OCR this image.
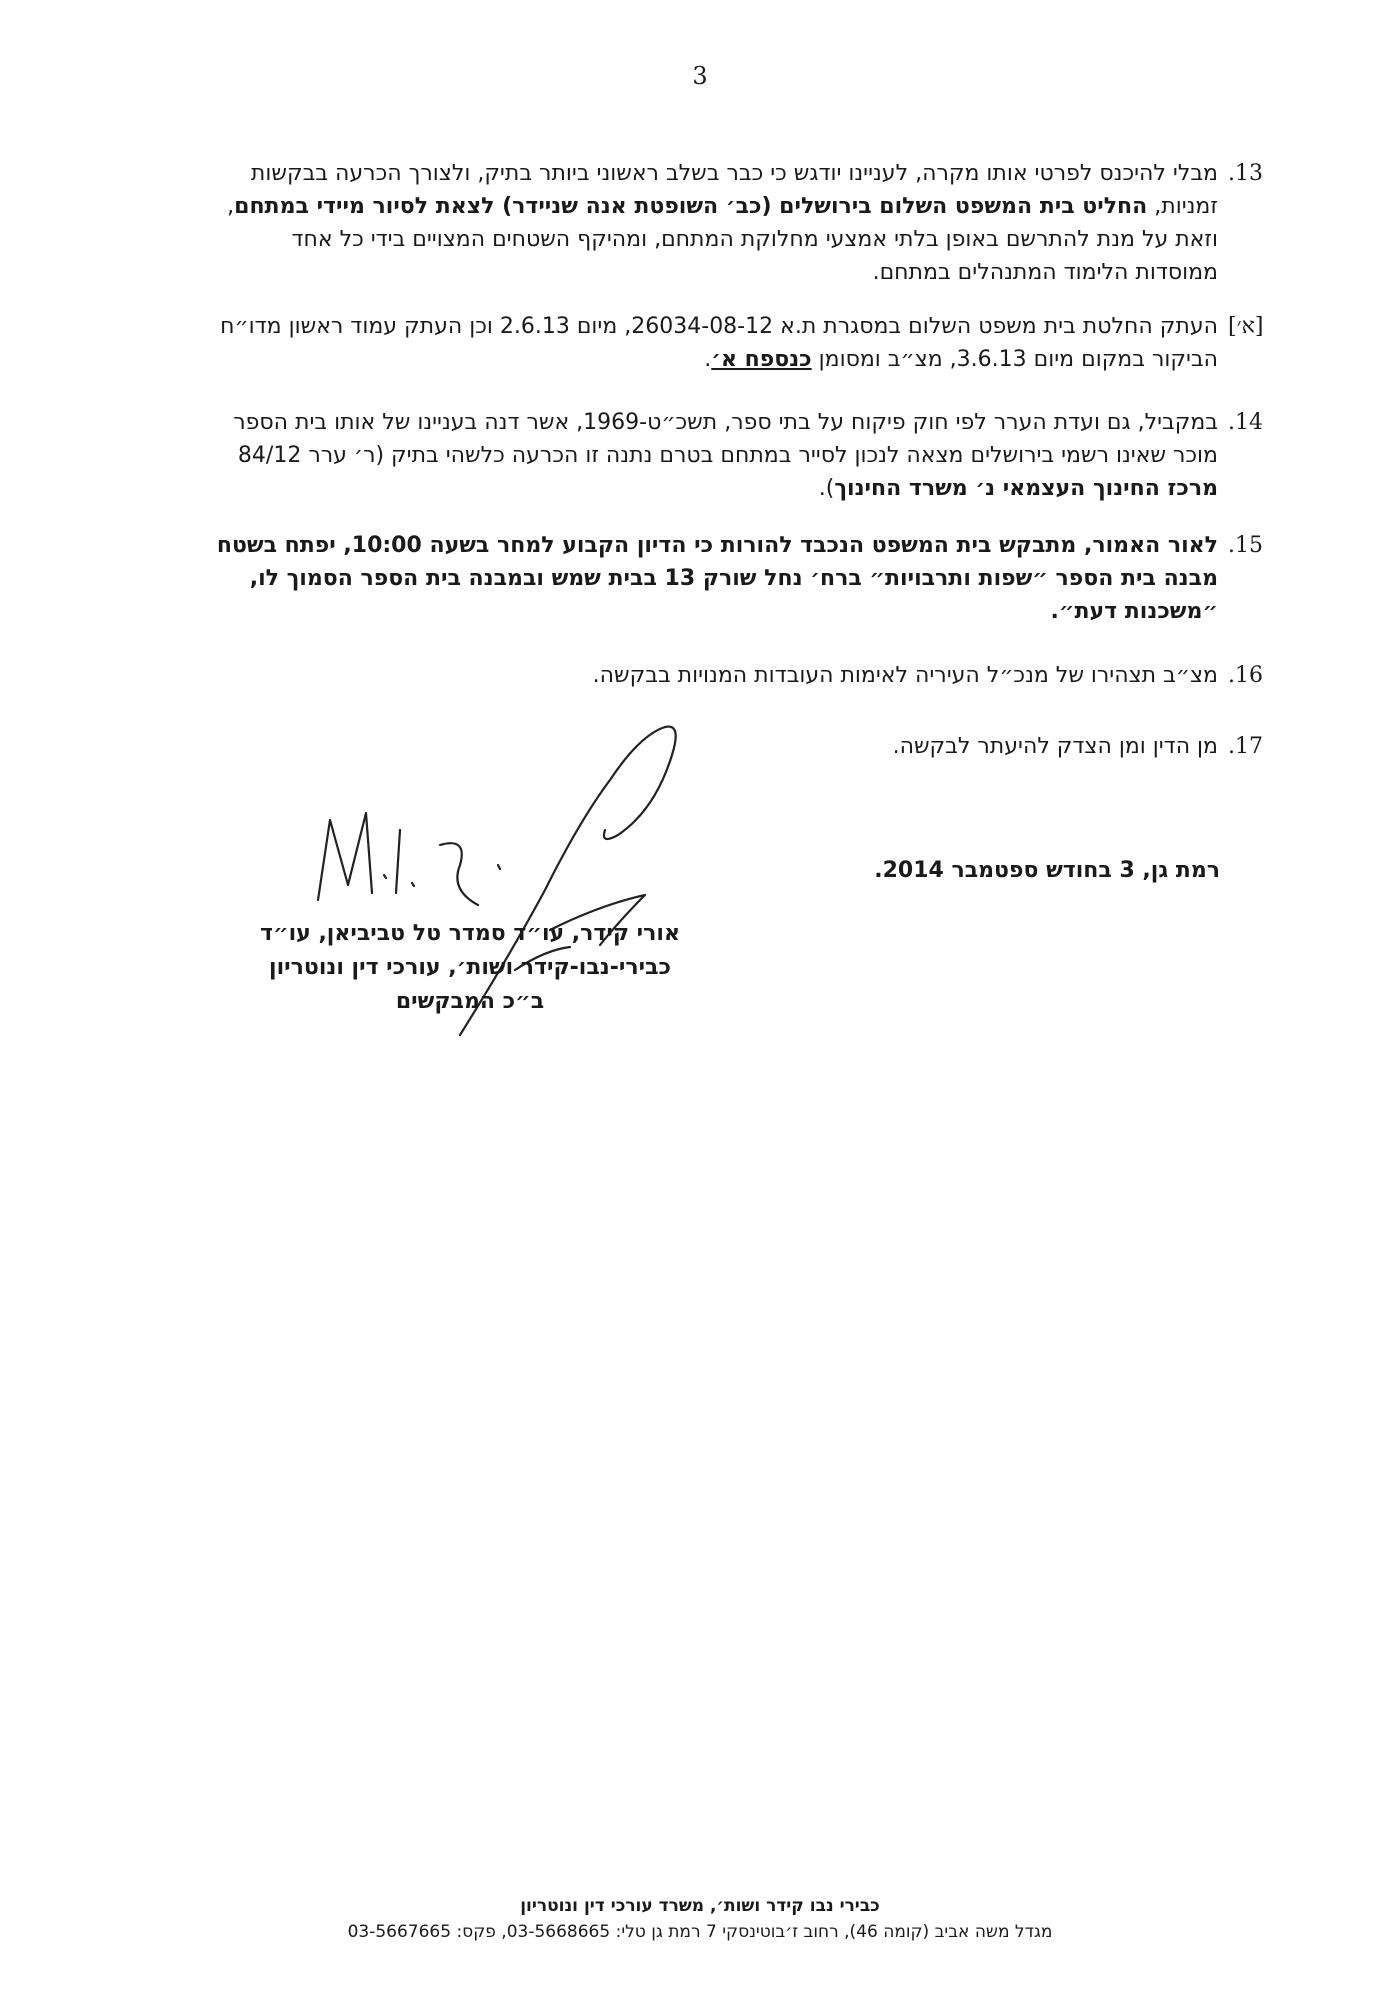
3
.13
מבלי להיכנס לפרטי אותו מקרה, לעניינו יודגש כי כבר בשלב ראשוני ביותר בתיק, ולצורך הכרעה בבקשות זמניות, החליט בית המשפט השלום בירושלים (כב׳ השופטת אנה שניידר) לצאת לסיור מיידי במתחם, וזאת על מנת להתרשם באופן בלתי אמצעי מחלוקת המתחם, ומהיקף השטחים המצויים בידי כל אחד ממוסדות הלימוד המתנהלים במתחם.
[א׳]
העתק החלטת בית משפט השלום במסגרת ת.א 26034-08-12, מיום 2.6.13 וכן העתק עמוד ראשון מדו״ח הביקור במקום מיום 3.6.13, מצ״ב ומסומן כנספח א׳.
.14
במקביל, גם ועדת הערר לפי חוק פיקוח על בתי ספר, תשכ״ט-1969, אשר דנה בעניינו של אותו בית הספר מוכר שאינו רשמי בירושלים מצאה לנכון לסייר במתחם בטרם נתנה זו הכרעה כלשהי בתיק (ר׳ ערר 84/12 מרכז החינוך העצמאי נ׳ משרד החינוך).
.15
לאור האמור, מתבקש בית המשפט הנכבד להורות כי הדיון הקבוע למחר בשעה 10:00, יפתח בשטח מבנה בית הספר ״שפות ותרבויות״ ברח׳ נחל שורק 13 בבית שמש ובמבנה בית הספר הסמוך לו, ״משכנות דעת״.
.16
מצ״ב תצהירו של מנכ״ל העיריה לאימות העובדות המנויות בבקשה.
.17
מן הדין ומן הצדק להיעתר לבקשה.
רמת גן, 3 בחודש ספטמבר 2014.
אורי קידר, עו״ד סמדר טל טביביאן, עו״ד
כבירי-נבו-קידר ושות׳, עורכי דין ונוטריון
ב״כ המבקשים
כבירי נבו קידר ושות׳, משרד עורכי דין ונוטריון
מגדל משה אביב (קומה 46), רחוב ז׳בוטינסקי 7 רמת גן טלי: 03-5668665, פקס: 03-5667665
